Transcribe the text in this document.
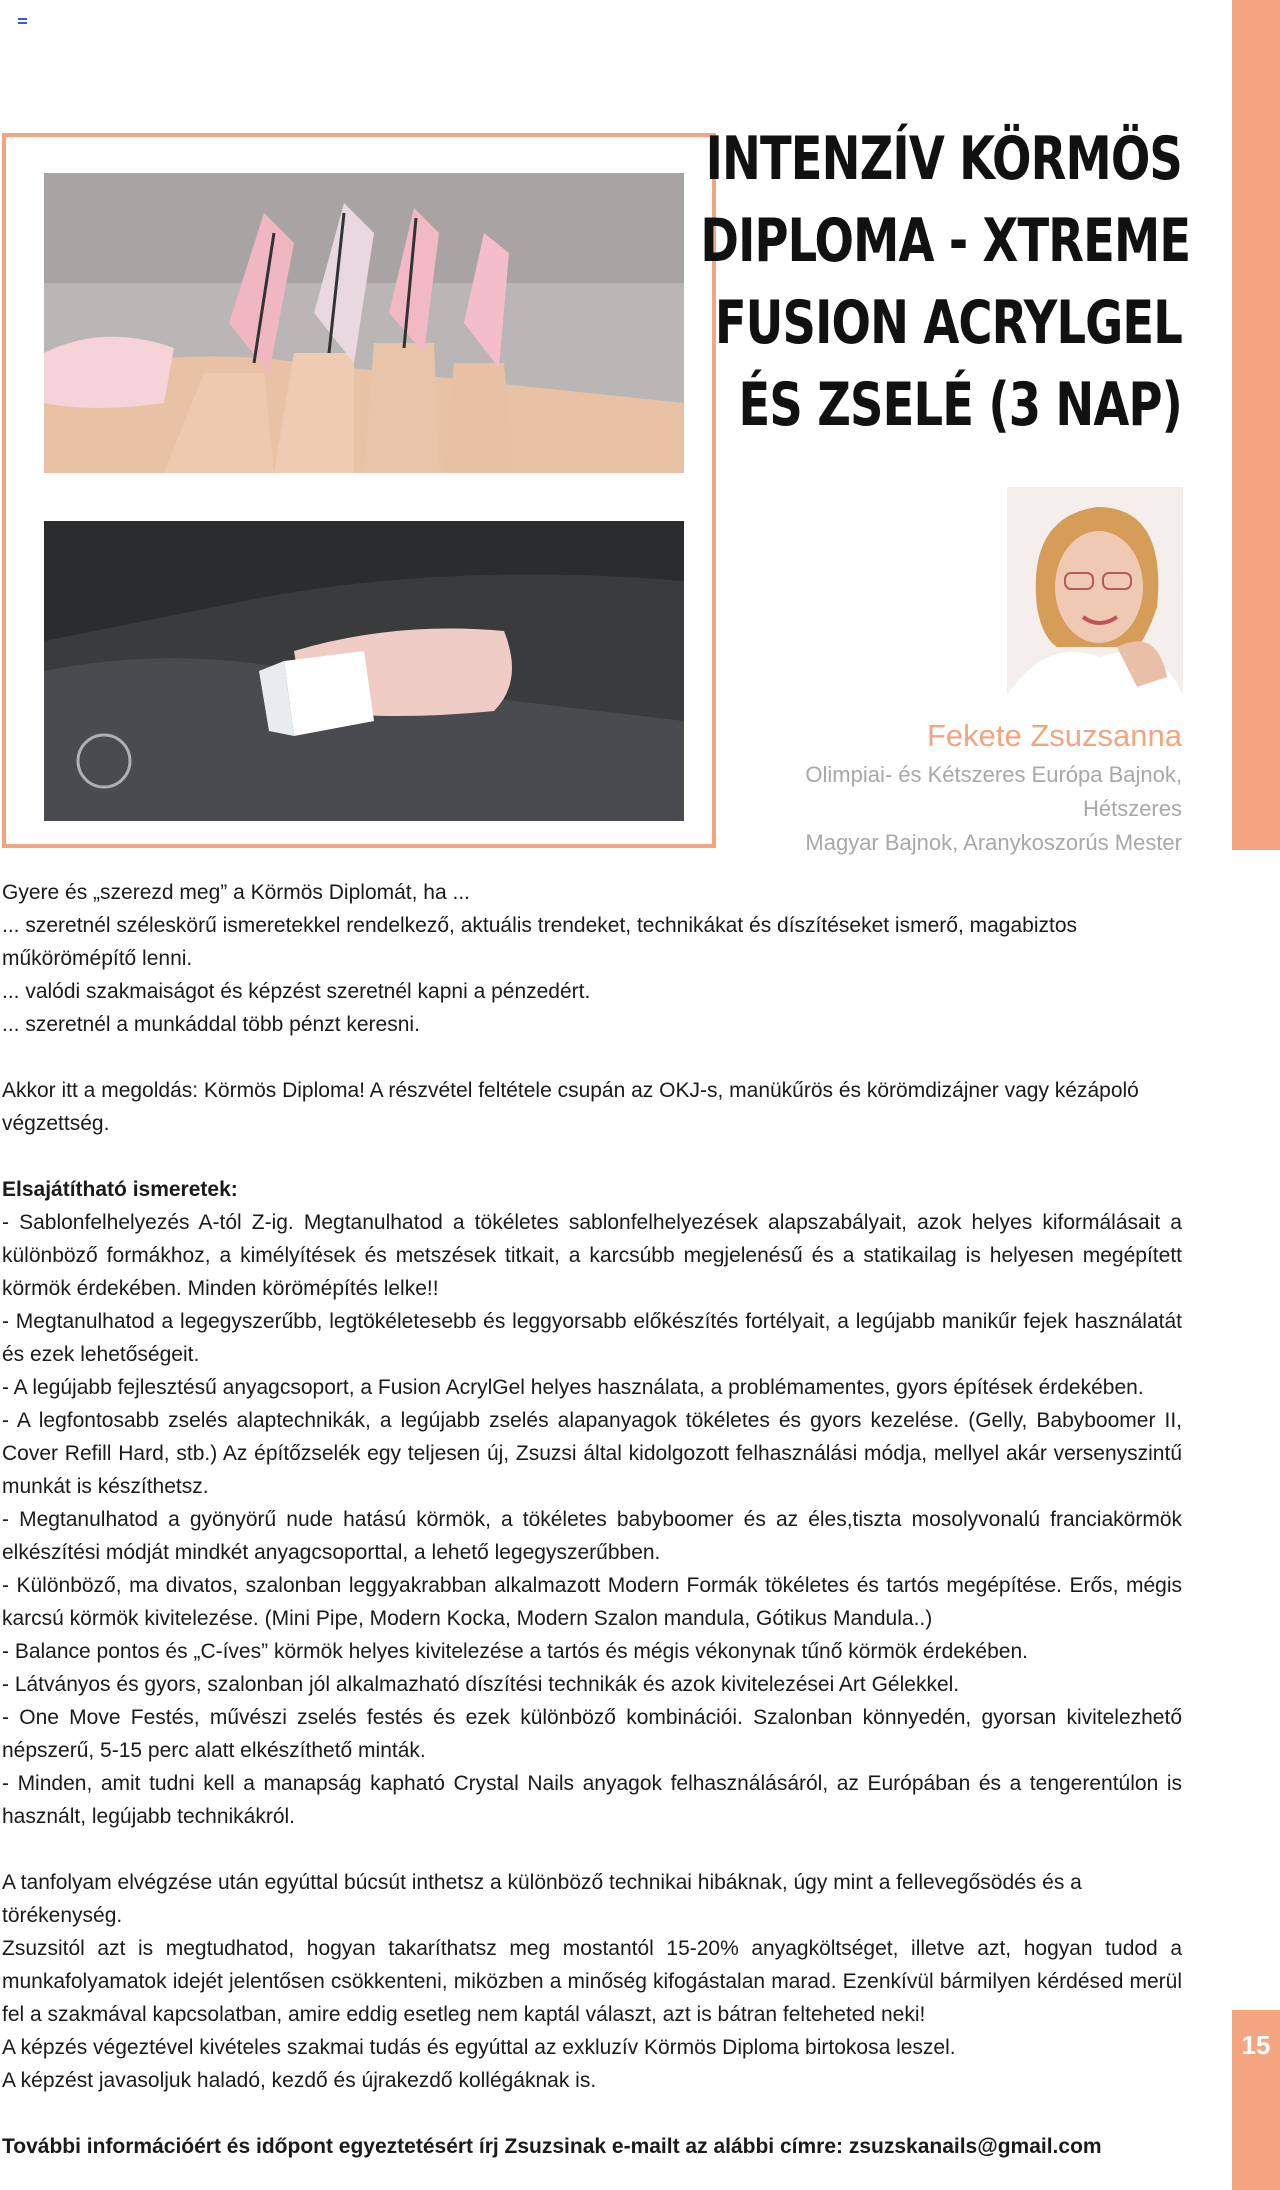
15
INTENZÍV KÖRMÖS
DIPLOMA - XTREME
FUSION ACRYLGEL
ÉS ZSELÉ (3 NAP)
Fekete Zsuzsanna
Olimpiai- és Kétszeres Európa Bajnok, Hétszeres
Magyar Bajnok, Aranykoszorús Mester

Gyere és „szerezd meg” a Körmös Diplomát, ha ...

... szeretnél széleskörű ismeretekkel rendelkező, aktuális trendeket, technikákat és díszítéseket ismerő, magabiztos műkörömépítő lenni.

... valódi szakmaiságot és képzést szeretnél kapni a pénzedért.

... szeretnél a munkáddal több pénzt keresni.

Akkor itt a megoldás: Körmös Diploma! A részvétel feltétele csupán az OKJ-s, manükűrös és körömdizájner vagy kézápoló végzettség.

Elsajátítható ismeretek:

- Sablonfelhelyezés A-tól Z-ig. Megtanulhatod a tökéletes sablonfelhelyezések alapszabályait, azok helyes kiformálásait a különböző formákhoz, a kimélyítések és metszések titkait, a karcsúbb megjelenésű és a statikailag is helyesen megépített körmök érdekében. Minden körömépítés lelke!!

- Megtanulhatod a legegyszerűbb, legtökéletesebb és leggyorsabb előkészítés fortélyait, a legújabb manikűr fejek használatát és ezek lehetőségeit.

- A legújabb fejlesztésű anyagcsoport, a Fusion AcrylGel helyes használata, a problémamentes, gyors építések érdekében.

- A legfontosabb zselés alaptechnikák, a legújabb zselés alapanyagok tökéletes és gyors kezelése. (Gelly, Babyboomer II, Cover Refill Hard, stb.) Az építőzselék egy teljesen új, Zsuzsi által kidolgozott felhasználási módja, mellyel akár versenyszintű munkát is készíthetsz.

- Megtanulhatod a gyönyörű nude hatású körmök, a tökéletes babyboomer és az éles,tiszta mosolyvonalú franciakörmök elkészítési módját mindkét anyagcsoporttal, a lehető legegyszerűbben.

- Különböző, ma divatos, szalonban leggyakrabban alkalmazott Modern Formák tökéletes és tartós megépítése. Erős, mégis karcsú körmök kivitelezése. (Mini Pipe, Modern Kocka, Modern Szalon mandula, Gótikus Mandula..)

- Balance pontos és „C-íves” körmök helyes kivitelezése a tartós és mégis vékonynak tűnő körmök érdekében.

- Látványos és gyors, szalonban jól alkalmazható díszítési technikák és azok kivitelezései Art Gélekkel.

- One Move Festés, művészi zselés festés és ezek különböző kombinációi. Szalonban könnyedén, gyorsan kivitelezhető népszerű, 5-15 perc alatt elkészíthető minták.

- Minden, amit tudni kell a manapság kapható Crystal Nails anyagok felhasználásáról, az Európában és a tengerentúlon is használt, legújabb technikákról.

A tanfolyam elvégzése után egyúttal búcsút inthetsz a különböző technikai hibáknak, úgy mint a fellevegősödés és a törékenység.

Zsuzsitól azt is megtudhatod, hogyan takaríthatsz meg mostantól 15-20% anyagköltséget, illetve azt, hogyan tudod a munkafolyamatok idejét jelentősen csökkenteni, miközben a minőség kifogástalan marad. Ezenkívül bármilyen kérdésed merül fel a szakmával kapcsolatban, amire eddig esetleg nem kaptál választ, azt is bátran felteheted neki!

A képzés végeztével kivételes szakmai tudás és egyúttal az exkluzív Körmös Diploma birtokosa leszel.

A képzést javasoljuk haladó, kezdő és újrakezdő kollégáknak is.

További információért és időpont egyeztetésért írj Zsuzsinak e-mailt az alábbi címre: zsuzskanails@gmail.com
